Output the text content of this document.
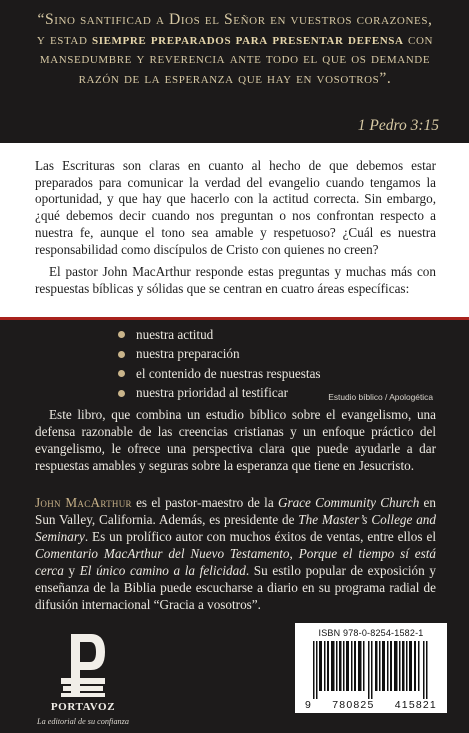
“Sino santificad a Dios el Señor en vuestros corazones, y estad siempre preparados para presentar defensa con mansedumbre y reverencia ante todo el que os demande razón de la esperanza que hay en vosotros”.

1 Pedro 3:15

Las Escrituras son claras en cuanto al hecho de que debemos estar preparados para comunicar la verdad del evangelio cuando tengamos la oportunidad, y que hay que hacerlo con la actitud correcta. Sin embargo, ¿qué debemos decir cuando nos preguntan o nos confrontan respecto a nuestra fe, aunque el tono sea amable y respetuoso? ¿Cuál es nuestra responsabilidad como discípulos de Cristo con quienes no creen?

El pastor John MacArthur responde estas preguntas y muchas más con respuestas bíblicas y sólidas que se centran en cuatro áreas específicas:

nuestra actitud
nuestra preparación
el contenido de nuestras respuestas
nuestra prioridad al testificar

Este libro, que combina un estudio bíblico sobre el evangelismo, una defensa razonable de las creencias cristianas y un enfoque práctico del evangelismo, le ofrece una perspectiva clara que puede ayudarle a dar respuestas amables y seguras sobre la esperanza que tiene en Jesucristo.

John MacArthur es el pastor-maestro de la Grace Community Church en Sun Valley, California. Además, es presidente de The Master’s College and Seminary. Es un prolífico autor con muchos éxitos de ventas, entre ellos el Comentario MacArthur del Nuevo Testamento, Porque el tiempo sí está cerca y El único camino a la felicidad. Su estilo popular de exposición y enseñanza de la Biblia puede escucharse a diario en su programa radial de difusión internacional “Gracia a vosotros”.

Estudio bíblico / Apologética
PORTAVOZ
La editorial de su confianza
ISBN 978-0-8254-1582-1
9 780825 415821
